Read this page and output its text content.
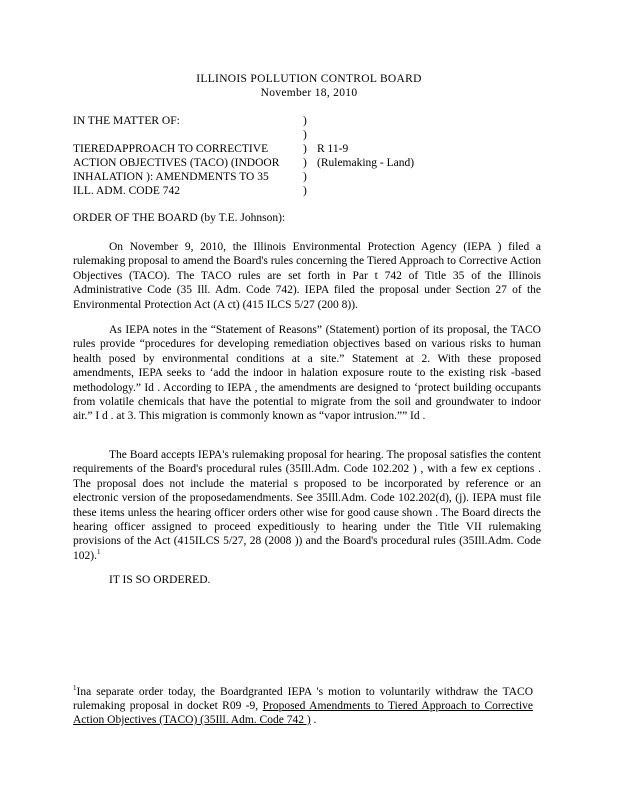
ILLINOIS POLLUTION CONTROL BOARD
November 18, 2010
IN THE MATTER OF:	)
)
TIEREDAPPROACH TO CORRECTIVE	) R 11-9
ACTION OBJECTIVES (TACO) (INDOOR	) (Rulemaking - Land)
INHALATION ): AMENDMENTS TO 35	)
ILL. ADM. CODE 742	)
ORDER OF THE BOARD (by T.E. Johnson):
On November 9, 2010, the Illinois Environmental Protection Agency (IEPA ) filed a rulemaking proposal to amend the Board's rules concerning the Tiered Approach to Corrective Action Objectives (TACO). The TACO rules are set forth in Par t 742 of Title 35 of the Illinois Administrative Code (35 Ill. Adm. Code 742). IEPA filed the proposal under Section 27 of the Environmental Protection Act (A ct) (415 ILCS 5/27 (200 8)).
As IEPA notes in the “Statement of Reasons” (Statement) portion of its proposal, the TACO rules provide “procedures for developing remediation objectives based on various risks to human health posed by environmental conditions at a site.” Statement at 2. With these proposed amendments, IEPA seeks to ‘add the indoor in halation exposure route to the existing risk -based methodology.” Id . According to IEPA , the amendments are designed to ‘protect building occupants from volatile chemicals that have the potential to migrate from the soil and groundwater to indoor air.” I d . at 3. This migration is commonly known as “vapor intrusion.”” Id .
The Board accepts IEPA's rulemaking proposal for hearing. The proposal satisfies the content requirements of the Board's procedural rules (35Ill.Adm. Code 102.202 ) , with a few ex ceptions . The proposal does not include the material s proposed to be incorporated by reference or an electronic version of the proposedamendments. See 35Ill.Adm. Code 102.202(d), (j). IEPA must file these items unless the hearing officer orders other wise for good cause shown . The Board directs the hearing officer assigned to proceed expeditiously to hearing under the Title VII rulemaking provisions of the Act (415ILCS 5/27, 28 (2008 )) and the Board's procedural rules (35Ill.Adm. Code 102).$^1$
IT IS SO ORDERED.
$^1$Ina separate order today, the Boardgranted IEPA 's motion to voluntarily withdraw the TACO rulemaking proposal in docket R09 -9, Proposed Amendments to Tiered Approach to Corrective Action Objectives (TACO) (35Ill. Adm. Code 742 ) .
